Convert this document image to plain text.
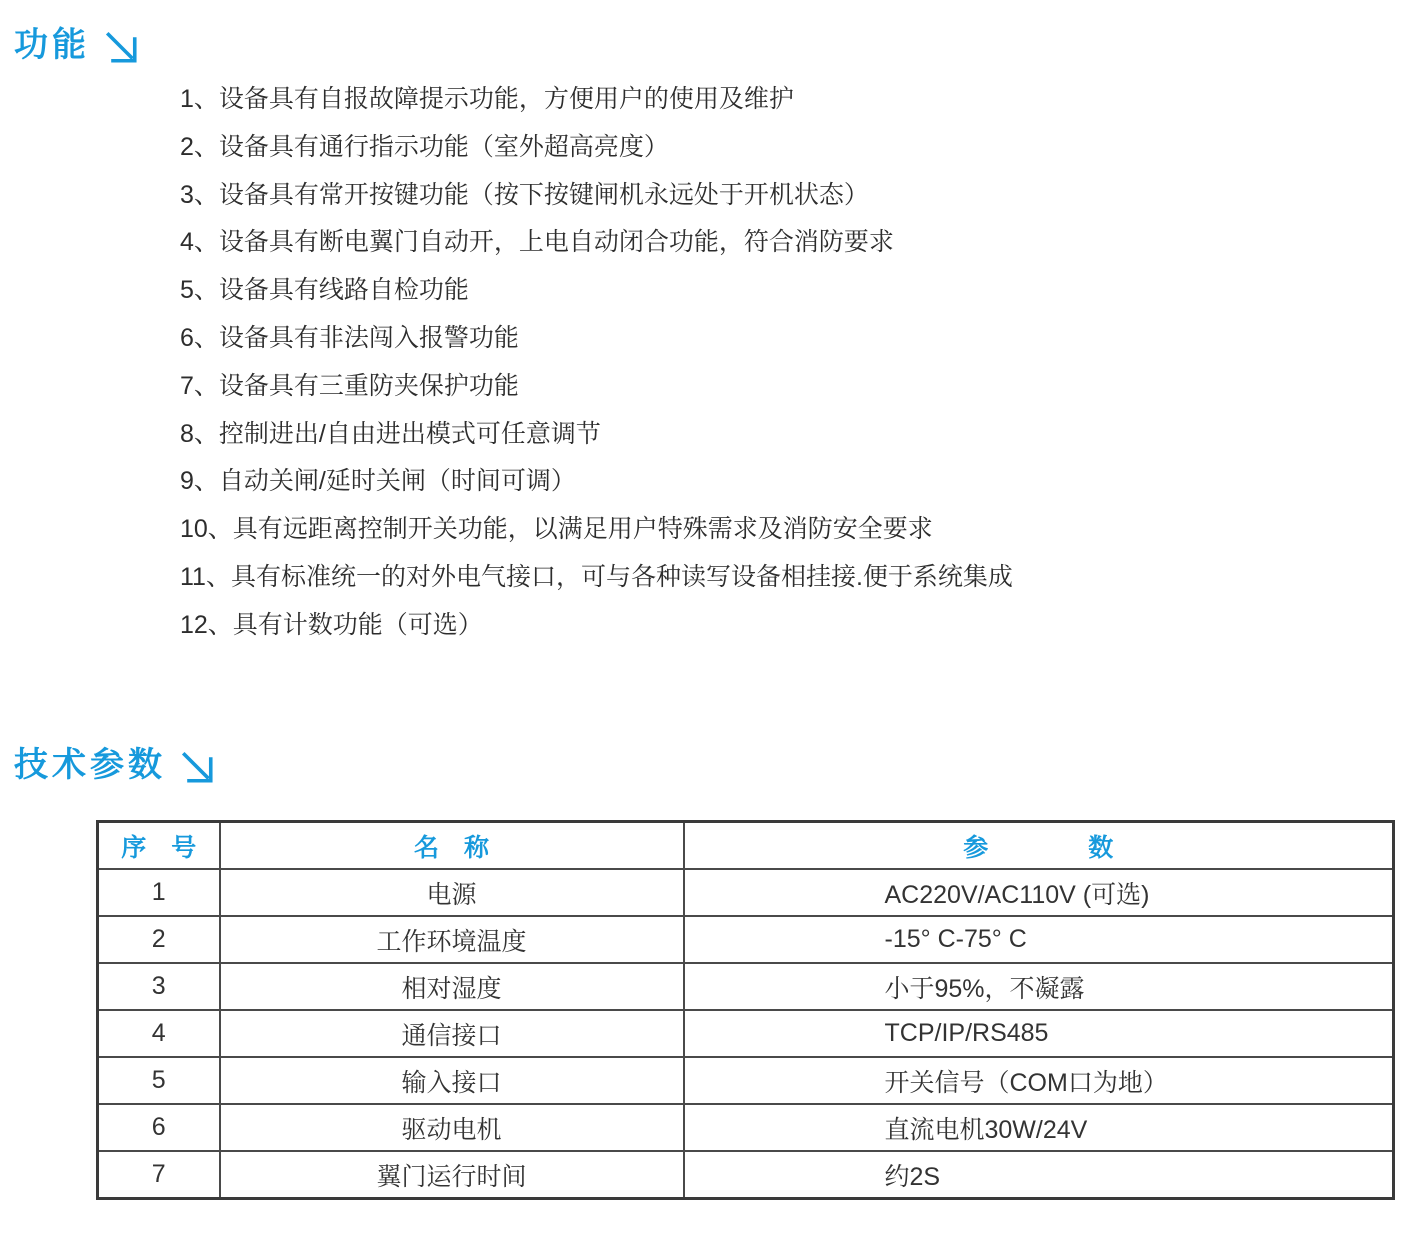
功能
1、设备具有自报故障提示功能，方便用户的使用及维护
2、设备具有通行指示功能（室外超高亮度）
3、设备具有常开按键功能（按下按键闸机永远处于开机状态）
4、设备具有断电翼门自动开，上电自动闭合功能，符合消防要求
5、设备具有线路自检功能
6、设备具有非法闯入报警功能
7、设备具有三重防夹保护功能
8、控制进出/自由进出模式可任意调节
9、自动关闸/延时关闸（时间可调）
10、具有远距离控制开关功能，以满足用户特殊需求及消防安全要求
11、具有标准统一的对外电气接口，可与各种读写设备相挂接.便于系统集成
12、具有计数功能（可选）
技术参数
序　号	名　称	参　　　　数
1	电源	AC220V/AC110V (可选)
2	工作环境温度	-15° C-75° C
3	相对湿度	小于95%，不凝露
4	通信接口	TCP/IP/RS485
5	输入接口	开关信号（COM口为地）
6	驱动电机	直流电机30W/24V
7	翼门运行时间	约2S
